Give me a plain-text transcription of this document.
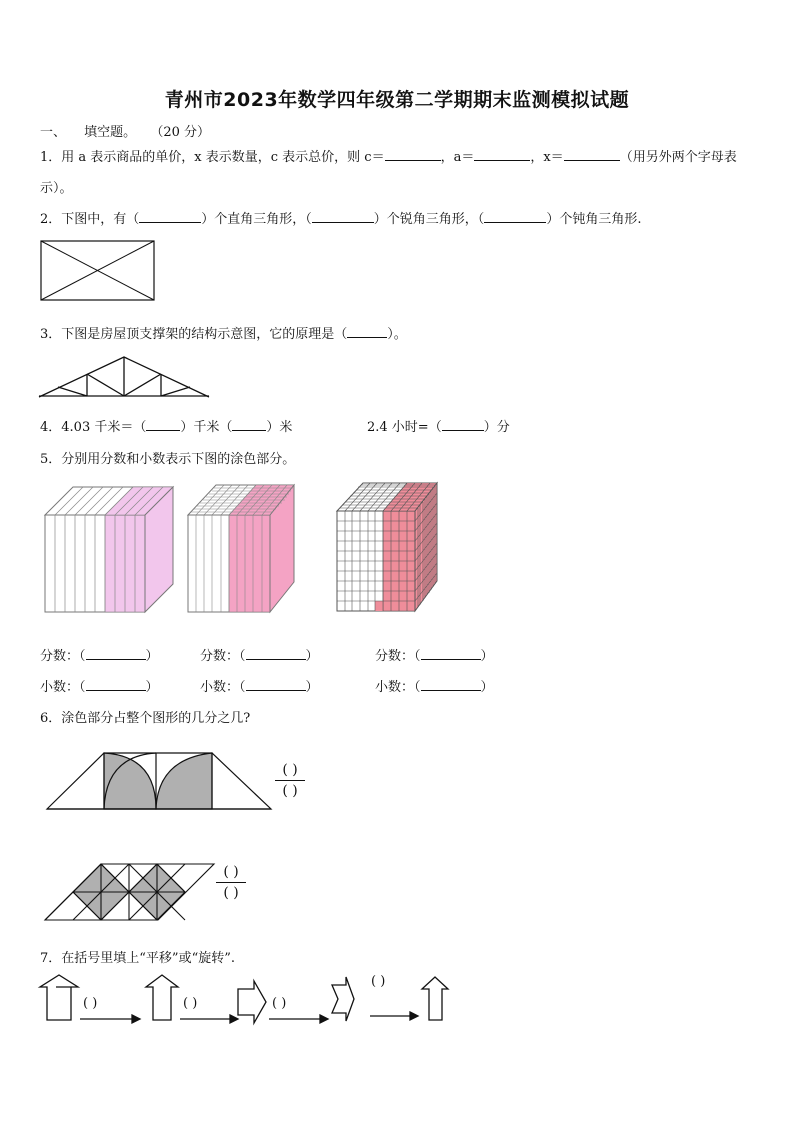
青州市2023年数学四年级第二学期期末监测模拟试题
一、 填空题。 （20 分）
1．用 a 表示商品的单价，x 表示数量，c 表示总价，则 c＝	，a＝	，x＝	（用另外两个字母表
示）。
2．下图中，有（	）个直角三角形，（	）个锐角三角形，（	）个钝角三角形.
3．下图是房屋顶支撑架的结构示意图，它的原理是（	）。
4．4.03 千米＝（	）千米（	）米	2.4 小时=（	）分
5．分别用分数和小数表示下图的涂色部分。
分数：（	）	分数：（	）	分数：（	）
小数：（	）	小数：（	）	小数：（	）
6．涂色部分占整个图形的几分之几?
( )
( )
( )
( )
7．在括号里填上“平移”或“旋转”.
( )	( )	( )
( )
